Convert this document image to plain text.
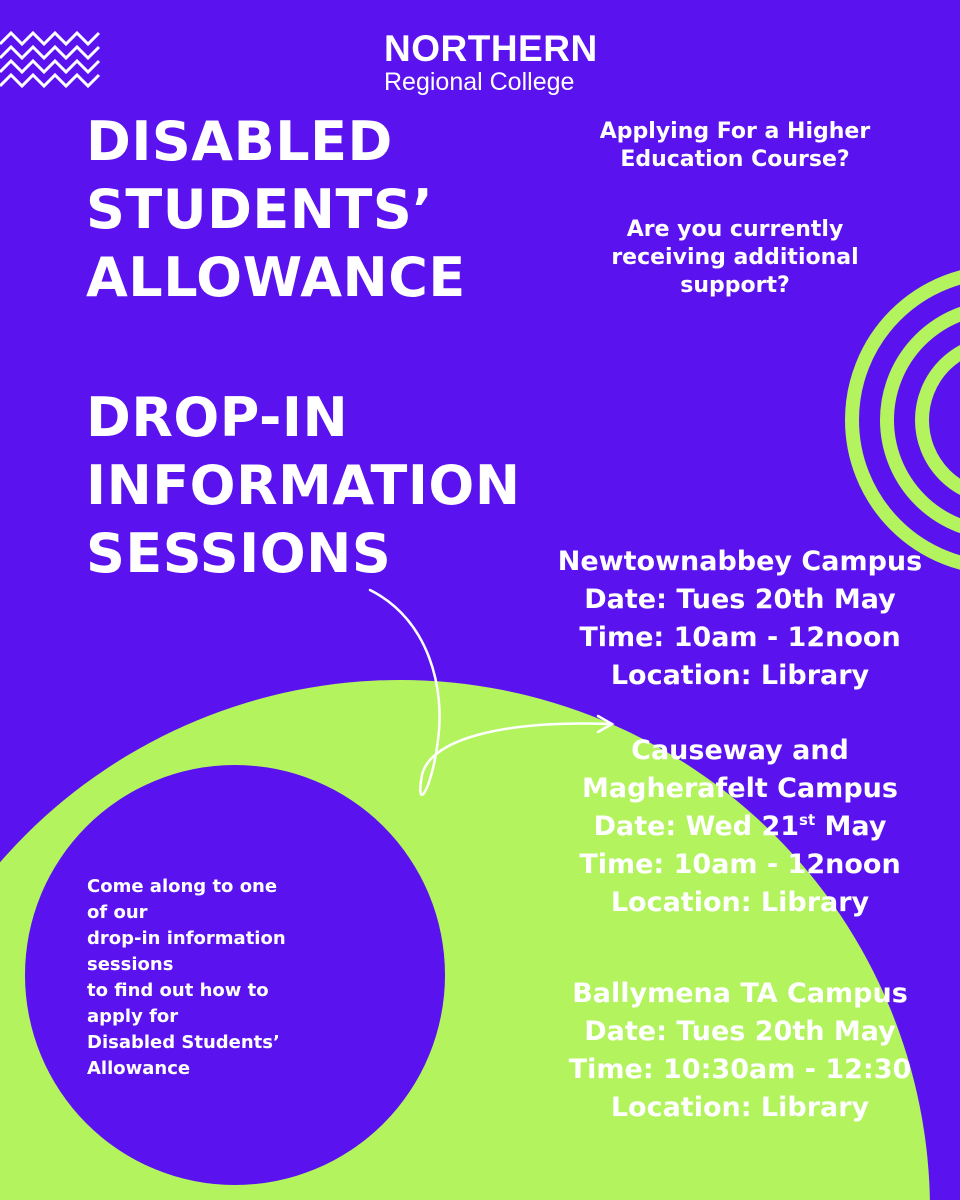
NORTHERN
Regional College
DISABLED
STUDENTS’
ALLOWANCE
DROP-IN
INFORMATION
SESSIONS

Applying For a Higher

Education Course?

Are you currently

receiving additional

support?

Newtownabbey Campus
Date: Tues 20th May
Time: 10am - 12noon
Location: Library
Causeway and
Magherafelt Campus
Date: Wed 21st May
Time: 10am - 12noon
Location: Library
Ballymena TA Campus
Date: Tues 20th May
Time: 10:30am - 12:30
Location: Library
Come along to one
of our
drop-in information
sessions
to find out how to
apply for
Disabled Students’
Allowance
